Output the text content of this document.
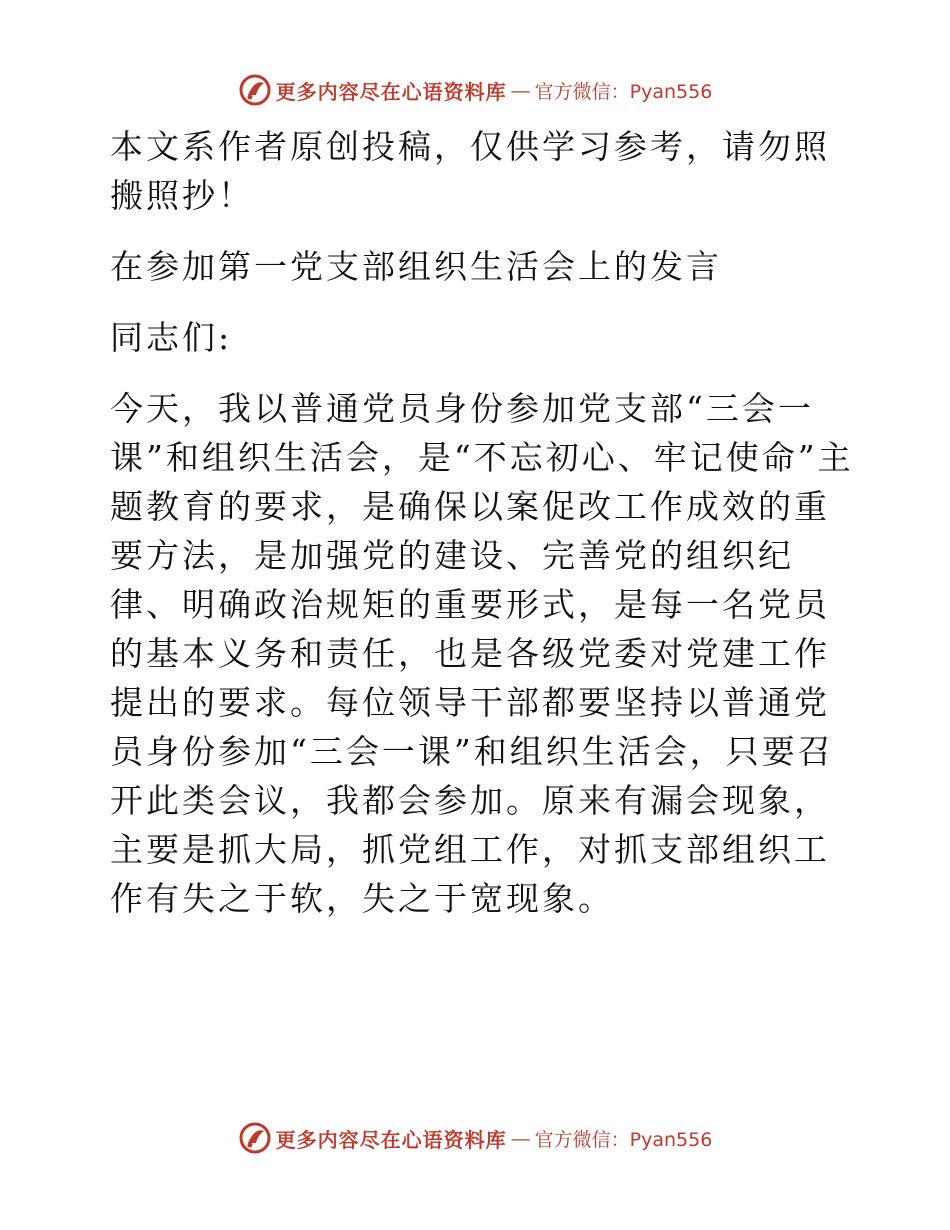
更多内容尽在心语资料库 — 官方微信：Pyan556

本文系作者原创投稿，仅供学习参考，请勿照搬照抄！

在参加第一党支部组织生活会上的发言

同志们:

今天，我以普通党员身份参加党支部“三会一课”和组织生活会，是“不忘初心、牢记使命”主题教育的要求，是确保以案促改工作成效的重要方法，是加强党的建设、完善党的组织纪律、明确政治规矩的重要形式，是每一名党员的基本义务和责任，也是各级党委对党建工作提出的要求。每位领导干部都要坚持以普通党员身份参加“三会一课”和组织生活会，只要召开此类会议，我都会参加。原来有漏会现象，主要是抓大局，抓党组工作，对抓支部组织工作有失之于软，失之于宽现象。

更多内容尽在心语资料库 — 官方微信：Pyan556
